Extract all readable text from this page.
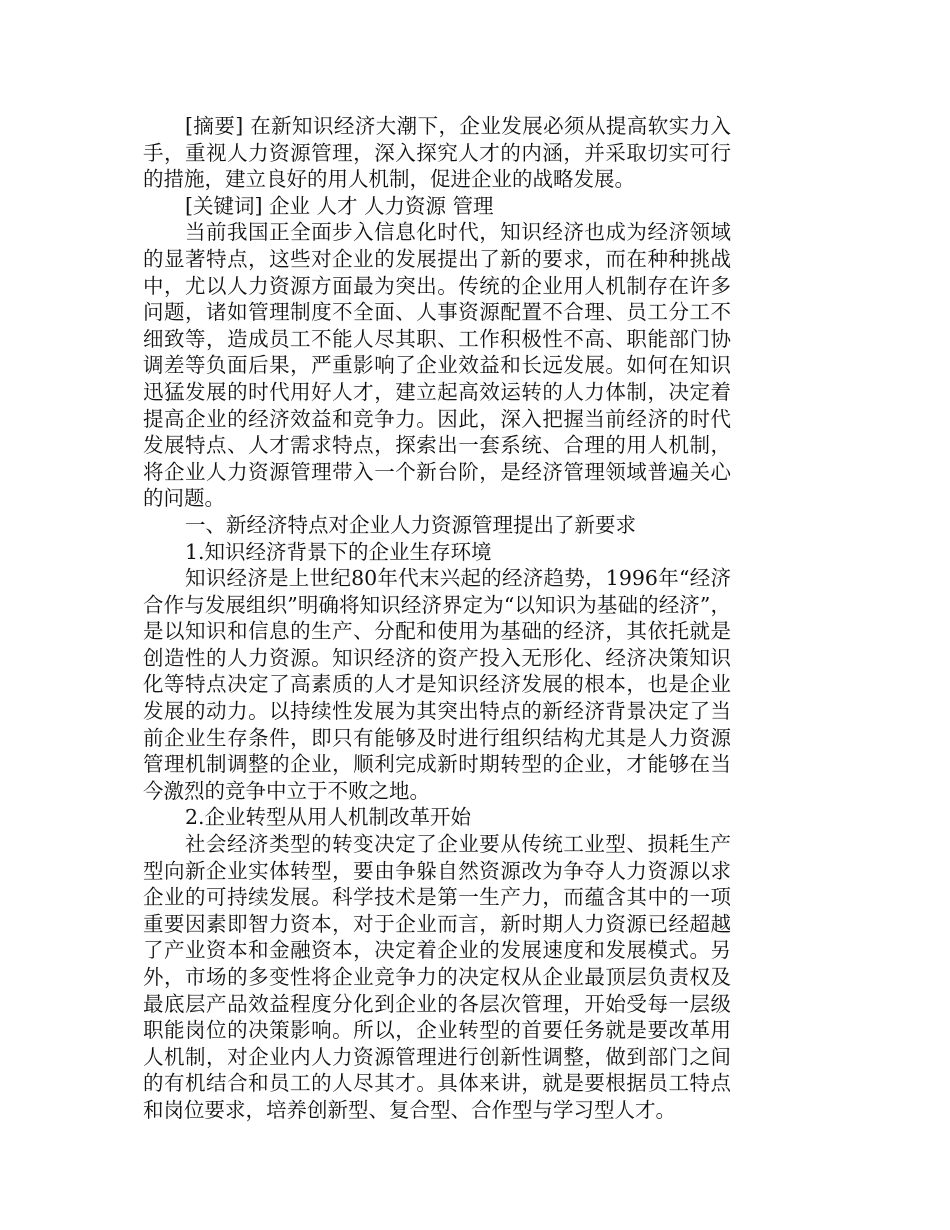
[摘要] 在新知识经济大潮下，企业发展必须从提高软实力入手，重视人力资源管理，深入探究人才的内涵，并采取切实可行的措施，建立良好的用人机制，促进企业的战略发展。

[关键词] 企业 人才 人力资源 管理

当前我国正全面步入信息化时代，知识经济也成为经济领域的显著特点，这些对企业的发展提出了新的要求，而在种种挑战中，尤以人力资源方面最为突出。传统的企业用人机制存在许多问题，诸如管理制度不全面、人事资源配置不合理、员工分工不细致等，造成员工不能人尽其职、工作积极性不高、职能部门协调差等负面后果，严重影响了企业效益和长远发展。如何在知识迅猛发展的时代用好人才，建立起高效运转的人力体制，决定着提高企业的经济效益和竞争力。因此，深入把握当前经济的时代发展特点、人才需求特点，探索出一套系统、合理的用人机制，将企业人力资源管理带入一个新台阶，是经济管理领域普遍关心的问题。

一、新经济特点对企业人力资源管理提出了新要求

1.知识经济背景下的企业生存环境

知识经济是上世纪80年代末兴起的经济趋势，1996年“经济合作与发展组织”明确将知识经济界定为“以知识为基础的经济”，是以知识和信息的生产、分配和使用为基础的经济，其依托就是创造性的人力资源。知识经济的资产投入无形化、经济决策知识化等特点决定了高素质的人才是知识经济发展的根本，也是企业发展的动力。以持续性发展为其突出特点的新经济背景决定了当前企业生存条件，即只有能够及时进行组织结构尤其是人力资源管理机制调整的企业，顺利完成新时期转型的企业，才能够在当今激烈的竞争中立于不败之地。

2.企业转型从用人机制改革开始

社会经济类型的转变决定了企业要从传统工业型、损耗生产型向新企业实体转型，要由争躲自然资源改为争夺人力资源以求企业的可持续发展。科学技术是第一生产力，而蕴含其中的一项重要因素即智力资本，对于企业而言，新时期人力资源已经超越了产业资本和金融资本，决定着企业的发展速度和发展模式。另外，市场的多变性将企业竞争力的决定权从企业最顶层负责权及最底层产品效益程度分化到企业的各层次管理，开始受每一层级职能岗位的决策影响。所以，企业转型的首要任务就是要改革用人机制，对企业内人力资源管理进行创新性调整，做到部门之间的有机结合和员工的人尽其才。具体来讲，就是要根据员工特点和岗位要求，培养创新型、复合型、合作型与学习型人才。
